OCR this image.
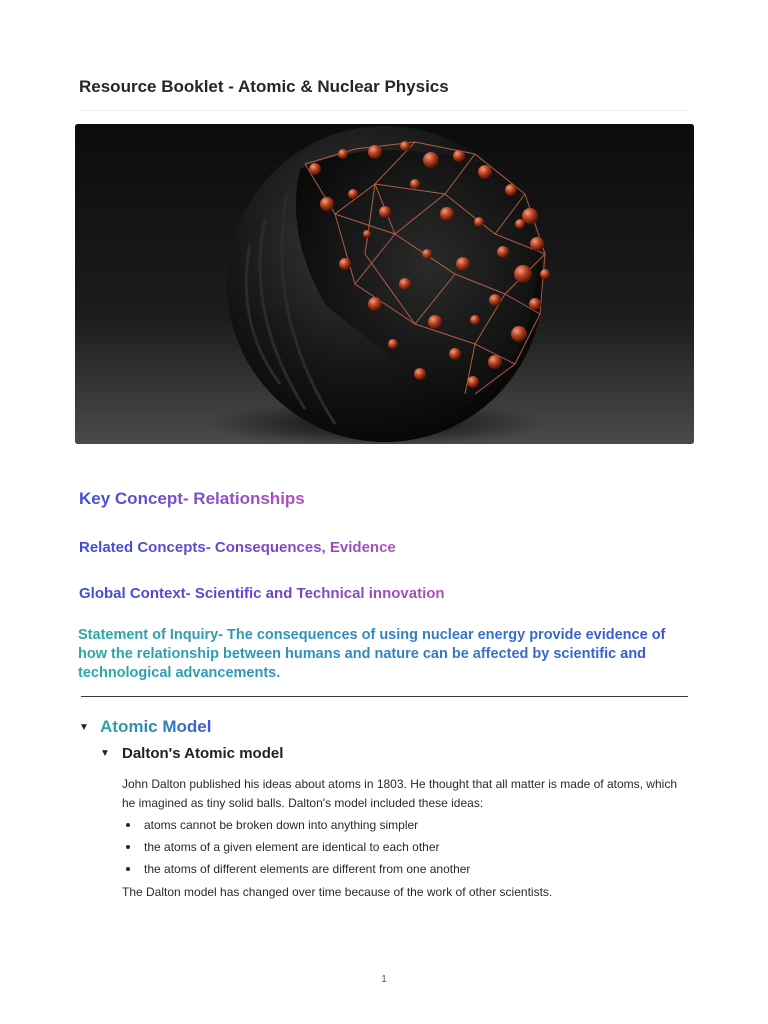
Resource Booklet - Atomic & Nuclear Physics
Key Concept- Relationships
Related Concepts- Consequences, Evidence
Global Context- Scientific and Technical innovation
Statement of Inquiry- The consequences of using nuclear energy provide evidence of how the relationship between humans and nature can be affected by scientific and technological advancements.
▼ Atomic Model
▼ Dalton's Atomic model
John Dalton published his ideas about atoms in 1803. He thought that all matter is made of atoms, which he imagined as tiny solid balls. Dalton's model included these ideas:
atoms cannot be broken down into anything simpler
the atoms of a given element are identical to each other
the atoms of different elements are different from one another
The Dalton model has changed over time because of the work of other scientists.
1
